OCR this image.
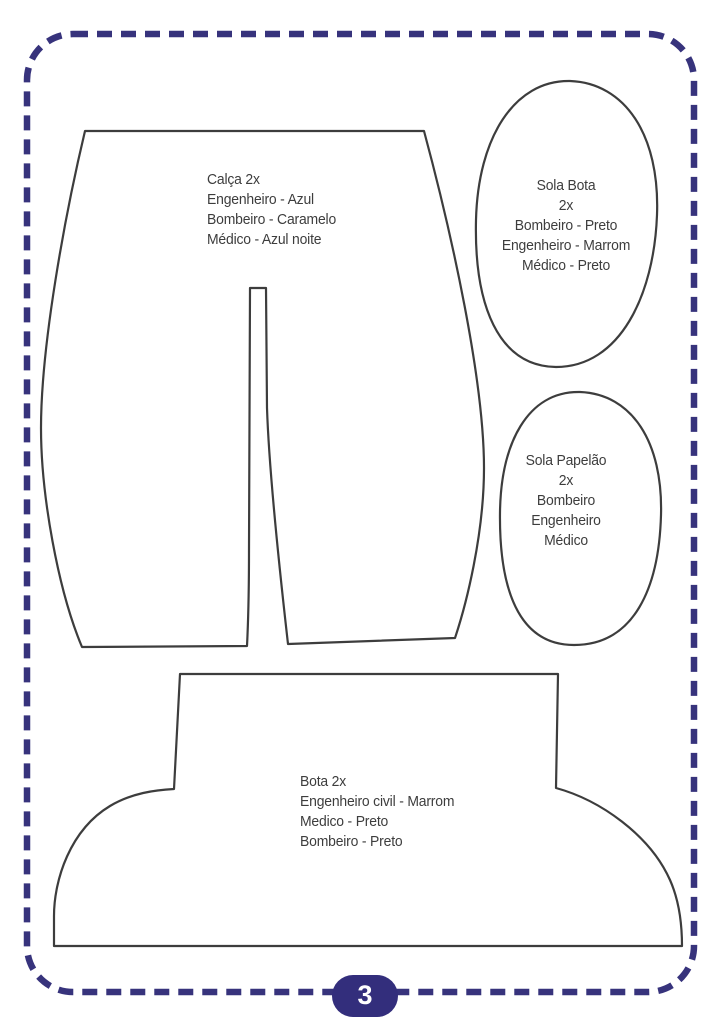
Calça 2x
Engenheiro - Azul
Bombeiro - Caramelo
Médico - Azul noite
Sola Bota
2x
Bombeiro - Preto
Engenheiro - Marrom
Médico - Preto
Sola Papelão
2x
Bombeiro
Engenheiro
Médico
Bota 2x
Engenheiro civil - Marrom
Medico - Preto
Bombeiro - Preto
3
